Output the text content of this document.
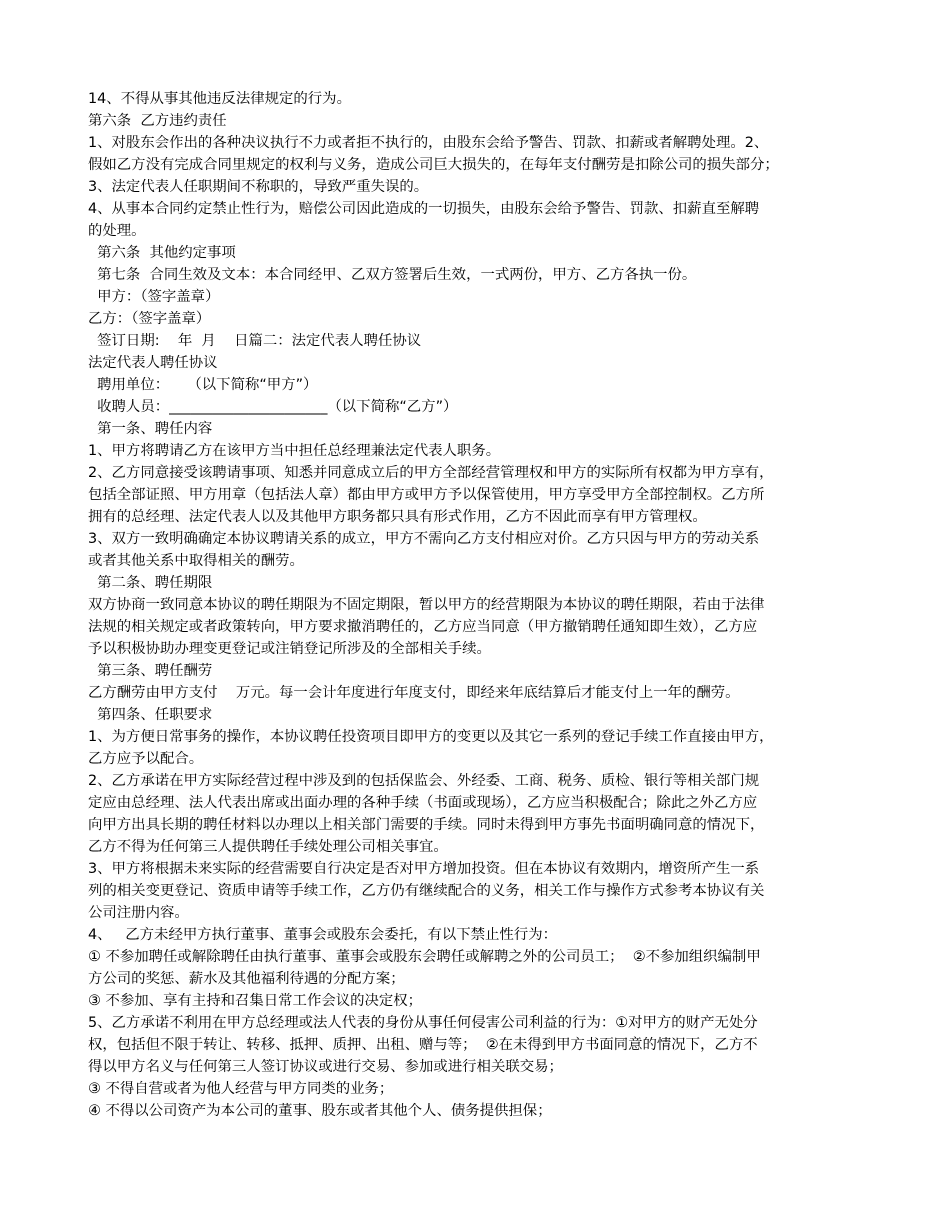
14、不得从事其他违反法律规定的行为。
第六条  乙方违约责任
1、对股东会作出的各种决议执行不力或者拒不执行的，由股东会给予警告、罚款、扣薪或者解聘处理。2、
假如乙方没有完成合同里规定的权利与义务，造成公司巨大损失的，在每年支付酬劳是扣除公司的损失部分；
3、法定代表人任职期间不称职的，导致严重失误的。
4、从事本合同约定禁止性行为，赔偿公司因此造成的一切损失，由股东会给予警告、罚款、扣薪直至解聘
的处理。
第六条  其他约定事项
第七条  合同生效及文本：本合同经甲、乙双方签署后生效，一式两份，甲方、乙方各执一份。
甲方：（签字盖章）
乙方：（签字盖章）
签订日期:    年  月    日篇二：法定代表人聘任协议
法定代表人聘任协议
聘用单位：    （以下简称“甲方”）
收聘人员：______________________（以下简称“乙方”）
第一条、聘任内容
1、甲方将聘请乙方在该甲方当中担任总经理兼法定代表人职务。
2、乙方同意接受该聘请事项、知悉并同意成立后的甲方全部经营管理权和甲方的实际所有权都为甲方享有，
包括全部证照、甲方用章（包括法人章）都由甲方或甲方予以保管使用，甲方享受甲方全部控制权。乙方所
拥有的总经理、法定代表人以及其他甲方职务都只具有形式作用，乙方不因此而享有甲方管理权。
3、双方一致明确确定本协议聘请关系的成立，甲方不需向乙方支付相应对价。乙方只因与甲方的劳动关系
或者其他关系中取得相关的酬劳。
第二条、聘任期限
双方协商一致同意本协议的聘任期限为不固定期限，暂以甲方的经营期限为本协议的聘任期限，若由于法律
法规的相关规定或者政策转向，甲方要求撤消聘任的，乙方应当同意（甲方撤销聘任通知即生效），乙方应
予以积极协助办理变更登记或注销登记所涉及的全部相关手续。
第三条、聘任酬劳
乙方酬劳由甲方支付    万元。每一会计年度进行年度支付，即经来年底结算后才能支付上一年的酬劳。
第四条、任职要求
1、为方便日常事务的操作，本协议聘任投资项目即甲方的变更以及其它一系列的登记手续工作直接由甲方，
乙方应予以配合。
2、乙方承诺在甲方实际经营过程中涉及到的包括保监会、外经委、工商、税务、质检、银行等相关部门规
定应由总经理、法人代表出席或出面办理的各种手续（书面或现场），乙方应当积极配合；除此之外乙方应
向甲方出具长期的聘任材料以办理以上相关部门需要的手续。同时未得到甲方事先书面明确同意的情况下，
乙方不得为任何第三人提供聘任手续处理公司相关事宜。
3、甲方将根据未来实际的经营需要自行决定是否对甲方增加投资。但在本协议有效期内，增资所产生一系
列的相关变更登记、资质申请等手续工作，乙方仍有继续配合的义务，相关工作与操作方式参考本协议有关
公司注册内容。
4、   乙方未经甲方执行董事、董事会或股东会委托，有以下禁止性行为：
① 不参加聘任或解除聘任由执行董事、董事会或股东会聘任或解聘之外的公司员工；  ②不参加组织编制甲
方公司的奖惩、薪水及其他福利待遇的分配方案；
③ 不参加、享有主持和召集日常工作会议的决定权；
5、乙方承诺不利用在甲方总经理或法人代表的身份从事任何侵害公司利益的行为：①对甲方的财产无处分
权，包括但不限于转让、转移、抵押、质押、出租、赠与等；  ②在未得到甲方书面同意的情况下，乙方不
得以甲方名义与任何第三人签订协议或进行交易、参加或进行相关联交易；
③ 不得自营或者为他人经营与甲方同类的业务；
④ 不得以公司资产为本公司的董事、股东或者其他个人、债务提供担保；
